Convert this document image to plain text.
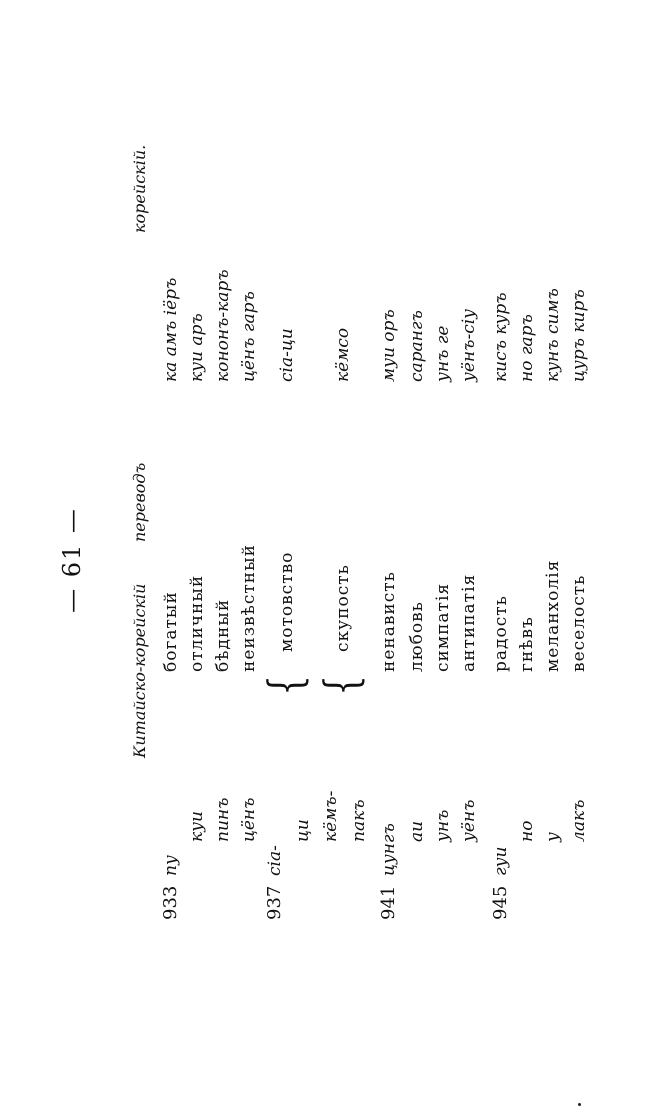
— 61 —
Китайско-корейскій
переводъ
корейскій.
933
пу
богатый
ка амъ іёръ
куи
отличный
куи аръ
пинъ
бѣдный
кононъ-каръ
цёнъ
неизвѣстный
цёнъ гаръ
{
937
сіа-
мотовство
сіа-ци
ци
{
кёмъ-
скупость
кёмсо
пакъ
941
цунгъ
ненависть
муи оръ
аи
любовь
сарангъ
унъ
симпатія
унъ ге
уёнъ
антипатія
уёнъ-сіу
945
гуи
радость
кисъ куръ
но
гнѣвъ
но гаръ
у
меланхолія
кунъ симъ
лакъ
веселость
цуръ киръ
